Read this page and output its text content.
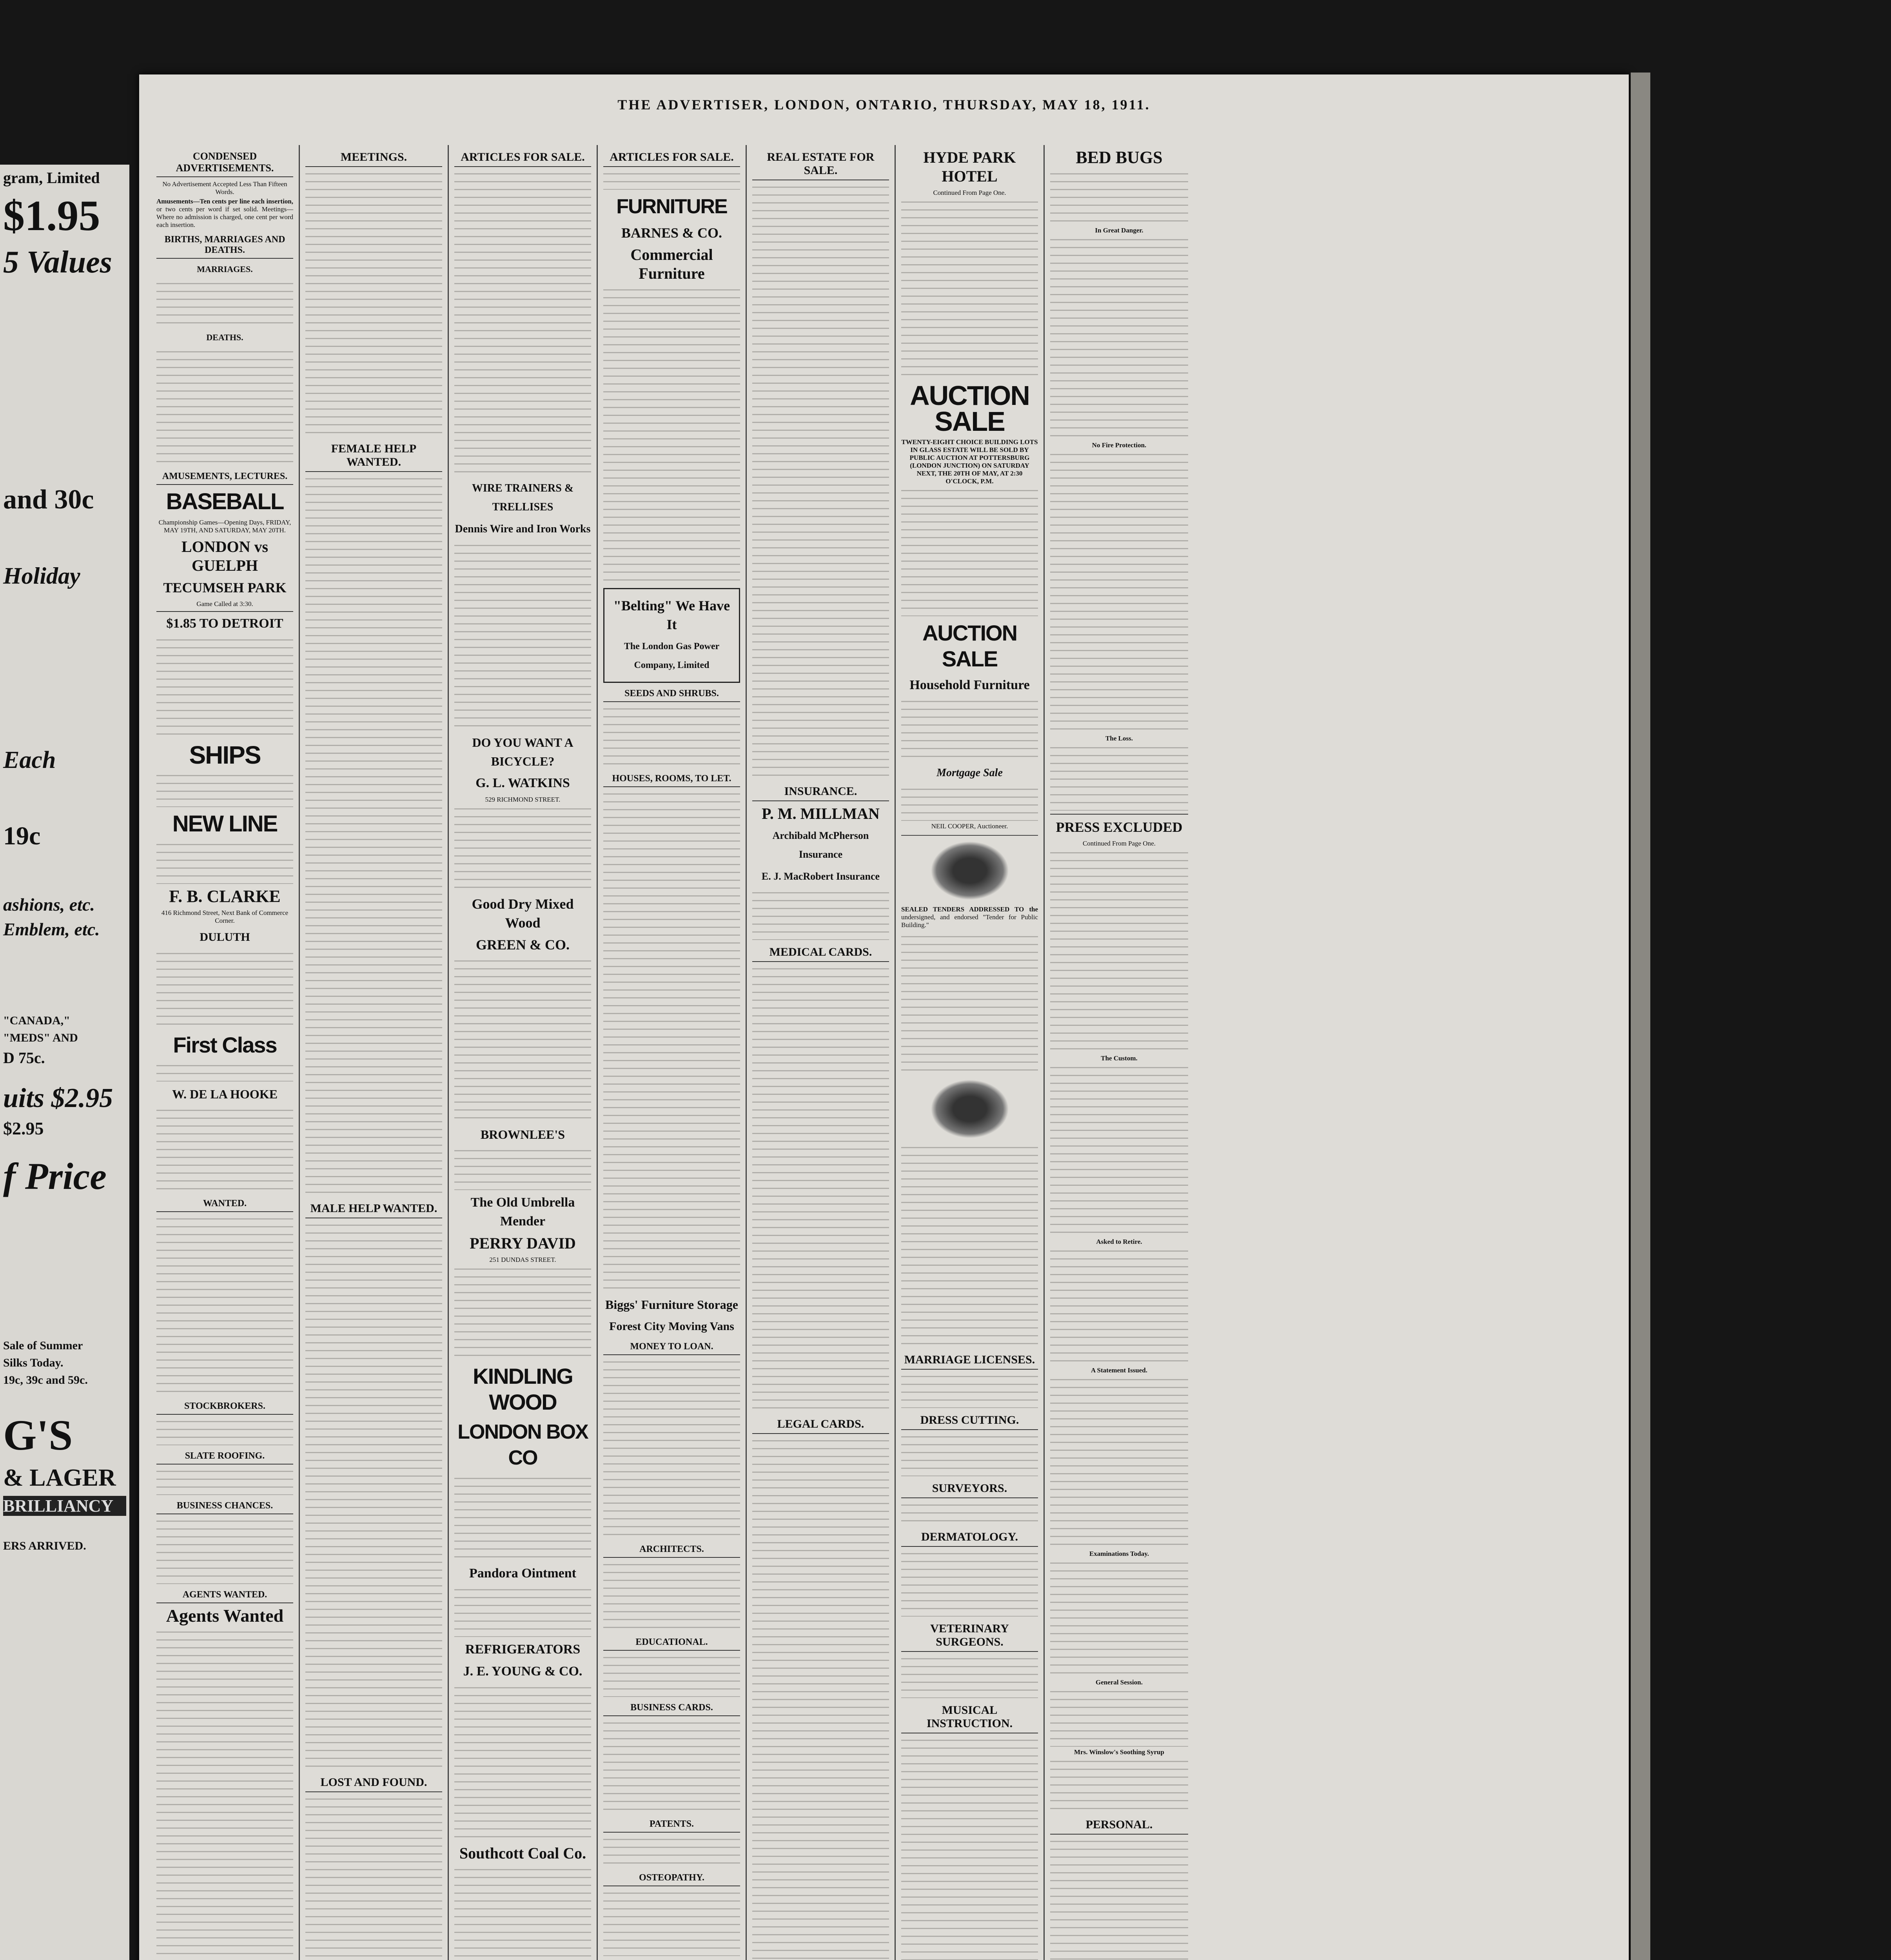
gram, Limited
$1.95
5 Values
and 30c
Holiday
Each
19c
ashions, etc.
Emblem, etc.
"CANADA,"
"MEDS" AND
D 75c.
uits $2.95
$2.95
f Price
Sale of Summer
Silks Today.
19c, 39c and 59c.
G'S
& LAGER
BRILLIANCY
ERS ARRIVED.
THE ADVERTISER, LONDON, ONTARIO, THURSDAY, MAY 18, 1911.
CONDENSED ADVERTISEMENTS.
No Advertisement Accepted Less Than Fifteen Words.
Amusements—Ten cents per line each insertion, or two cents per word if set solid. Meetings—Where no admission is charged, one cent per word each insertion.
BIRTHS, MARRIAGES AND DEATHS.
MARRIAGES.
DEATHS.
AMUSEMENTS, LECTURES.
BASEBALL
Championship Games—Opening Days, FRIDAY, MAY 19TH, AND SATURDAY, MAY 20TH.
LONDON vs GUELPH
TECUMSEH PARK
Game Called at 3:30.
$1.85 TO DETROIT
SHIPS
NEW LINE
F. B. CLARKE
416 Richmond Street, Next Bank of Commerce Corner.
DULUTH
First Class
W. DE LA HOOKE
WANTED.
STOCKBROKERS.
SLATE ROOFING.
BUSINESS CHANCES.
AGENTS WANTED.
Agents Wanted
MEETINGS.
FEMALE HELP WANTED.
MALE HELP WANTED.
LOST AND FOUND.
ARTICLES FOR SALE.
WIRE TRAINERS & TRELLISES
Dennis Wire and Iron Works
DO YOU WANT A BICYCLE?
G. L. WATKINS
529 RICHMOND STREET.
Good Dry Mixed Wood
GREEN & CO.
BROWNLEE'S
The Old Umbrella Mender
PERRY DAVID
251 DUNDAS STREET.
KINDLING WOOD
LONDON BOX CO
Pandora Ointment
REFRIGERATORS
J. E. YOUNG & CO.
Southcott Coal Co.
ARTICLES FOR SALE.
FURNITURE
BARNES & CO.
Commercial Furniture
"Belting" We Have It
The London Gas Power Company, Limited
SEEDS AND SHRUBS.
HOUSES, ROOMS, TO LET.
Biggs' Furniture Storage
Forest City Moving Vans
MONEY TO LOAN.
ARCHITECTS.
EDUCATIONAL.
BUSINESS CARDS.
PATENTS.
OSTEOPATHY.
REAL ESTATE FOR SALE.
INSURANCE.
P. M. MILLMAN
Archibald McPherson Insurance
E. J. MacRobert Insurance
MEDICAL CARDS.
LEGAL CARDS.
HYDE PARK HOTEL
Continued From Page One.
AUCTION SALE
TWENTY-EIGHT CHOICE BUILDING LOTS IN GLASS ESTATE WILL BE SOLD BY PUBLIC AUCTION AT POTTERSBURG (LONDON JUNCTION) ON SATURDAY NEXT, THE 20TH OF MAY, AT 2:30 O'CLOCK, P.M.
AUCTION SALE
Household Furniture
Mortgage Sale
NEIL COOPER, Auctioneer.
SEALED TENDERS ADDRESSED TO the undersigned, and endorsed "Tender for Public Building."
MARRIAGE LICENSES.
DRESS CUTTING.
SURVEYORS.
DERMATOLOGY.
VETERINARY SURGEONS.
MUSICAL INSTRUCTION.
BED BUGS
In Great Danger.
No Fire Protection.
The Loss.
PRESS EXCLUDED
Continued From Page One.
The Custom.
Asked to Retire.
A Statement Issued.
Examinations Today.
General Session.
Mrs. Winslow's Soothing Syrup
PERSONAL.
